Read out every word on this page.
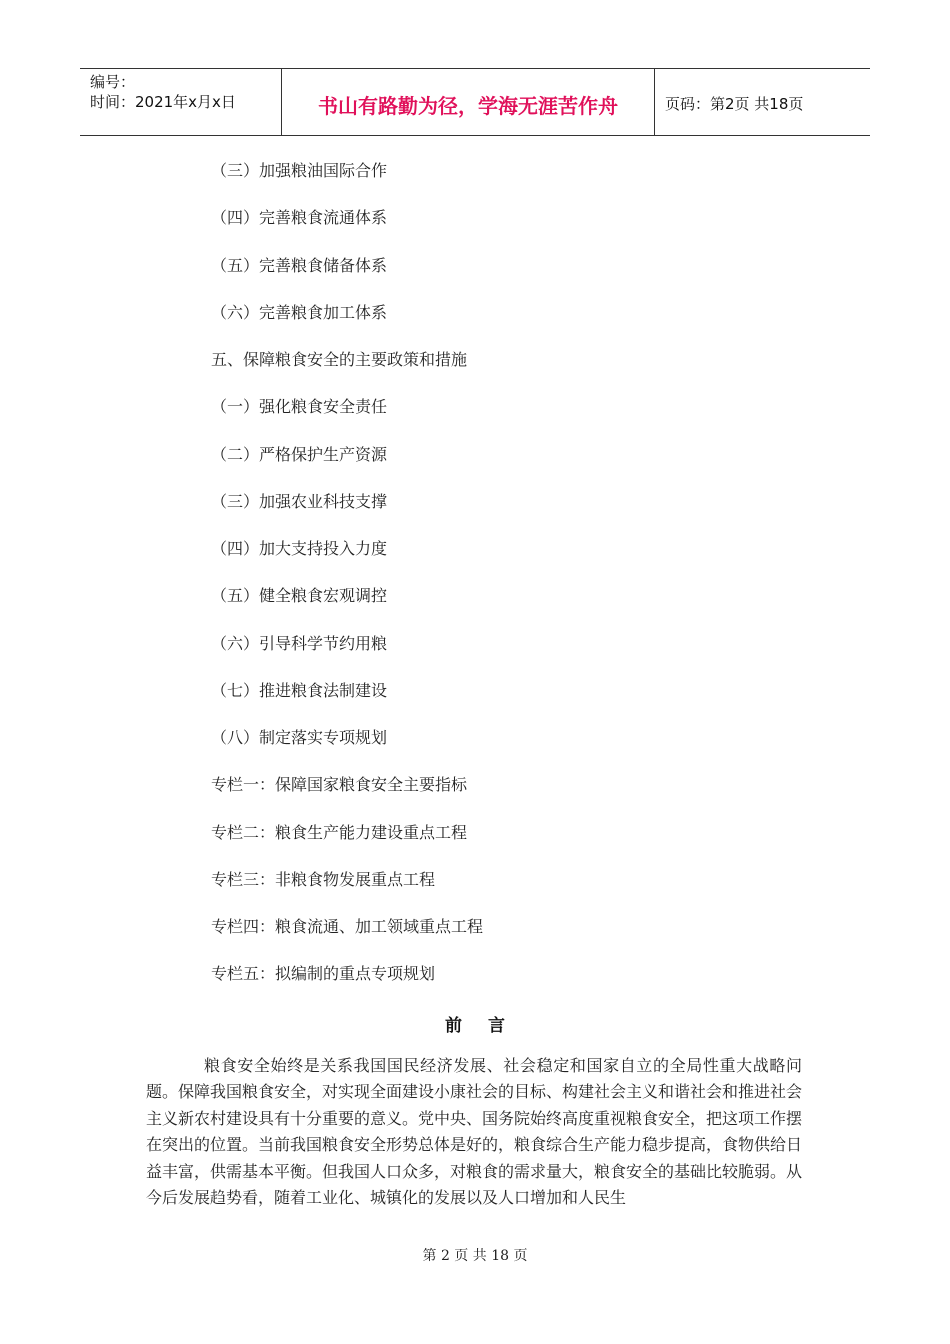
编号：
时间：2021年x月x日	书山有路勤为径，学海无涯苦作舟	页码：第2页 共18页
（三）加强粮油国际合作
（四）完善粮食流通体系
（五）完善粮食储备体系
（六）完善粮食加工体系
五、保障粮食安全的主要政策和措施
（一）强化粮食安全责任
（二）严格保护生产资源
（三）加强农业科技支撑
（四）加大支持投入力度
（五）健全粮食宏观调控
（六）引导科学节约用粮
（七）推进粮食法制建设
（八）制定落实专项规划
专栏一：保障国家粮食安全主要指标
专栏二：粮食生产能力建设重点工程
专栏三：非粮食物发展重点工程
专栏四：粮食流通、加工领域重点工程
专栏五：拟编制的重点专项规划
前言

粮食安全始终是关系我国国民经济发展、社会稳定和国家自立的全局性重大战略问题。保障我国粮食安全，对实现全面建设小康社会的目标、构建社会主义和谐社会和推进社会主义新农村建设具有十分重要的意义。党中央、国务院始终高度重视粮食安全，把这项工作摆在突出的位置。当前我国粮食安全形势总体是好的，粮食综合生产能力稳步提高，食物供给日益丰富，供需基本平衡。但我国人口众多，对粮食的需求量大，粮食安全的基础比较脆弱。从今后发展趋势看，随着工业化、城镇化的发展以及人口增加和人民生

第 2 页 共 18 页
